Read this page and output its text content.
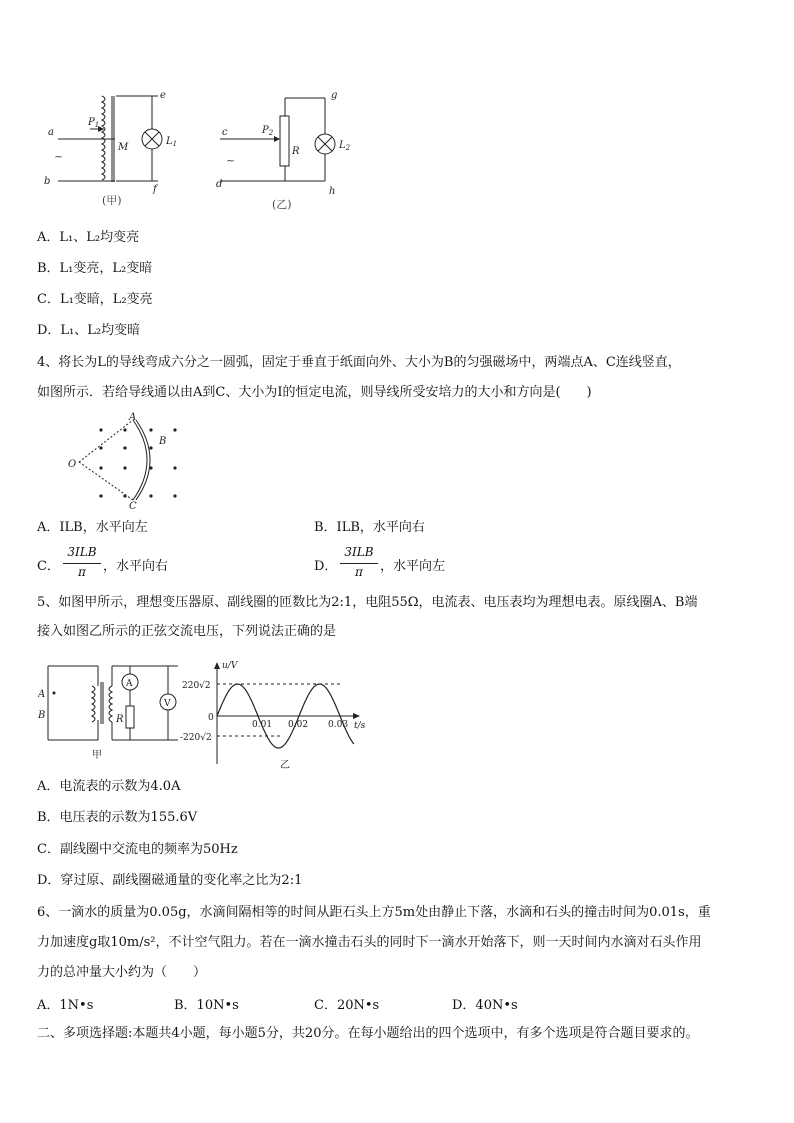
a
b
e
f
$P_1$
M
$L_1$
c
d
g
h
$P_2$
R
$L_2$
~	~
(甲)	(乙)
A．L₁、L₂均变亮
B．L₁变亮，L₂变暗
C．L₁变暗，L₂变亮
D．L₁、L₂均变暗
4、将长为L的导线弯成六分之一圆弧，固定于垂直于纸面向外、大小为B的匀强磁场中，两端点A、C连线竖直，
如图所示．若给导线通以由A到C、大小为I的恒定电流，则导线所受安培力的大小和方向是(　　)
A
B
C
O
A．ILB，水平向左	B．ILB，水平向右
C．
3ILB
π	，水平向右	D．
3ILB
π	，水平向左
5、如图甲所示，理想变压器原、副线圈的匝数比为2:1，电阻55Ω，电流表、电压表均为理想电表。原线圈A、B端
接入如图乙所示的正弦交流电压，下列说法正确的是
A
B
A
V
R
甲
u/V
220√2
-220√2
0
0.01 0.02 0.03 t/s
乙
A．电流表的示数为4.0A
B．电压表的示数为155.6V
C．副线圈中交流电的频率为50Hz
D．穿过原、副线圈磁通量的变化率之比为2:1
6、一滴水的质量为0.05g，水滴间隔相等的时间从距石头上方5m处由静止下落，水滴和石头的撞击时间为0.01s，重
力加速度g取10m/s²，不计空气阻力。若在一滴水撞击石头的同时下一滴水开始落下，则一天时间内水滴对石头作用
力的总冲量大小约为（　　）
A．1N•s	B．10N•s	C．20N•s	D．40N•s
二、多项选择题:本题共4小题，每小题5分，共20分。在每小题给出的四个选项中，有多个选项是符合题目要求的。
